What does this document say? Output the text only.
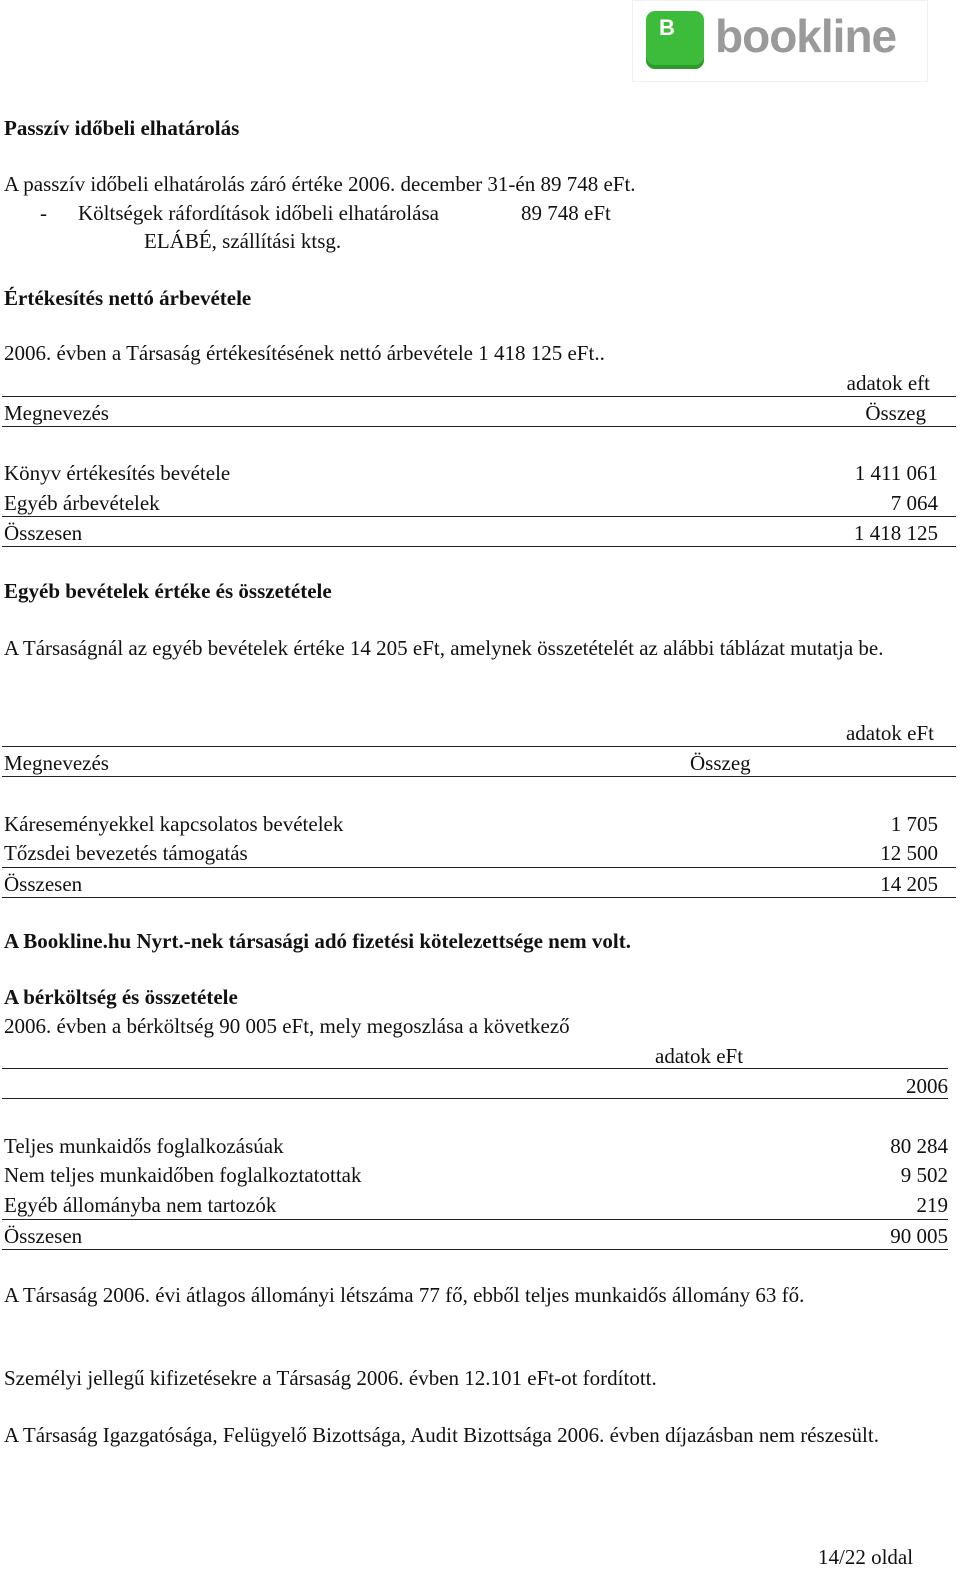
B bookline
Passzív időbeli elhatárolás
A passzív időbeli elhatárolás záró értéke 2006. december 31-én 89 748 eFt.
- Költségek ráfordítások időbeli elhatárolása	89 748 eFt
ELÁBÉ, szállítási ktsg.
Értékesítés nettó árbevétele
2006. évben a Társaság értékesítésének nettó árbevétele 1 418 125 eFt..
adatok eft
Megnevezés	Összeg
Könyv értékesítés bevétele	1 411 061
Egyéb árbevételek	7 064
Összesen	1 418 125
Egyéb bevételek értéke és összetétele
A Társaságnál az egyéb bevételek értéke 14 205 eFt, amelynek összetételét az alábbi táblázat mutatja be.
adatok eFt
Megnevezés	Összeg
Káreseményekkel kapcsolatos bevételek	1 705
Tőzsdei bevezetés támogatás	12 500
Összesen	14 205
A Bookline.hu Nyrt.-nek társasági adó fizetési kötelezettsége nem volt.
A bérköltség és összetétele
2006. évben a bérköltség 90 005 eFt, mely megoszlása a következő
adatok eFt
2006
Teljes munkaidős foglalkozásúak	80 284
Nem teljes munkaidőben foglalkoztatottak	9 502
Egyéb állományba nem tartozók	219
Összesen	90 005
A Társaság 2006. évi átlagos állományi létszáma 77 fő, ebből teljes munkaidős állomány 63 fő.
Személyi jellegű kifizetésekre a Társaság 2006. évben 12.101 eFt-ot fordított.
A Társaság Igazgatósága, Felügyelő Bizottsága, Audit Bizottsága 2006. évben díjazásban nem részesült.
14/22 oldal
